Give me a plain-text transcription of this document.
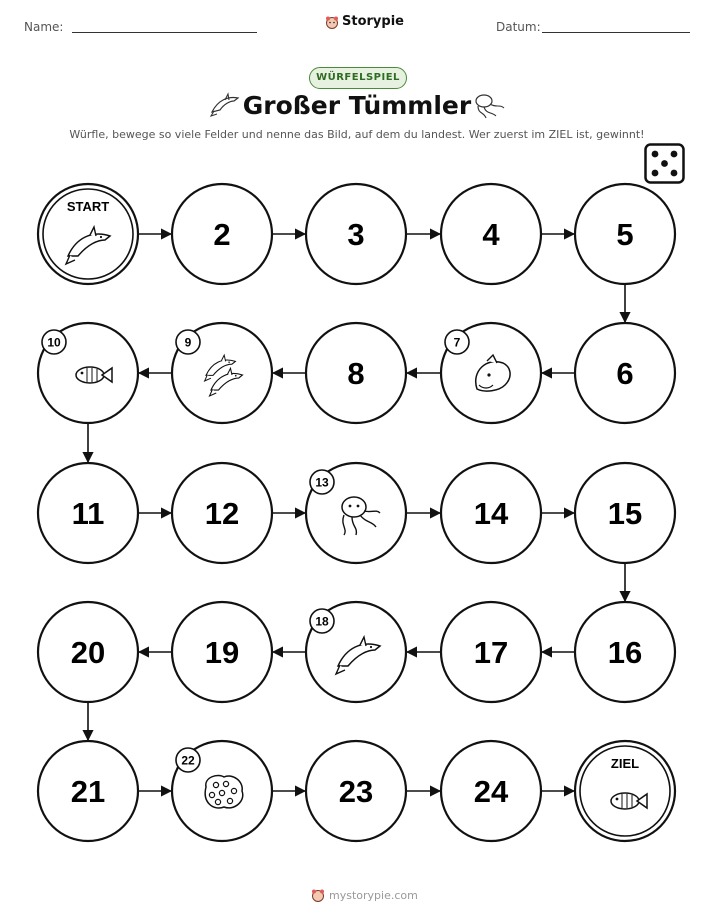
Name:	Storypie	Datum:
WÜRFELSPIEL
Großer Tümmler
Würfle, bewege so viele Felder und nenne das Bild, auf dem du landest. Wer zuerst im ZIEL ist, gewinnt!
START
2	3	4	5
6
7
8
9
10
11	12
13
14	15
16
17
18
19
20
21
22
23	24
ZIEL
mystorypie.com
